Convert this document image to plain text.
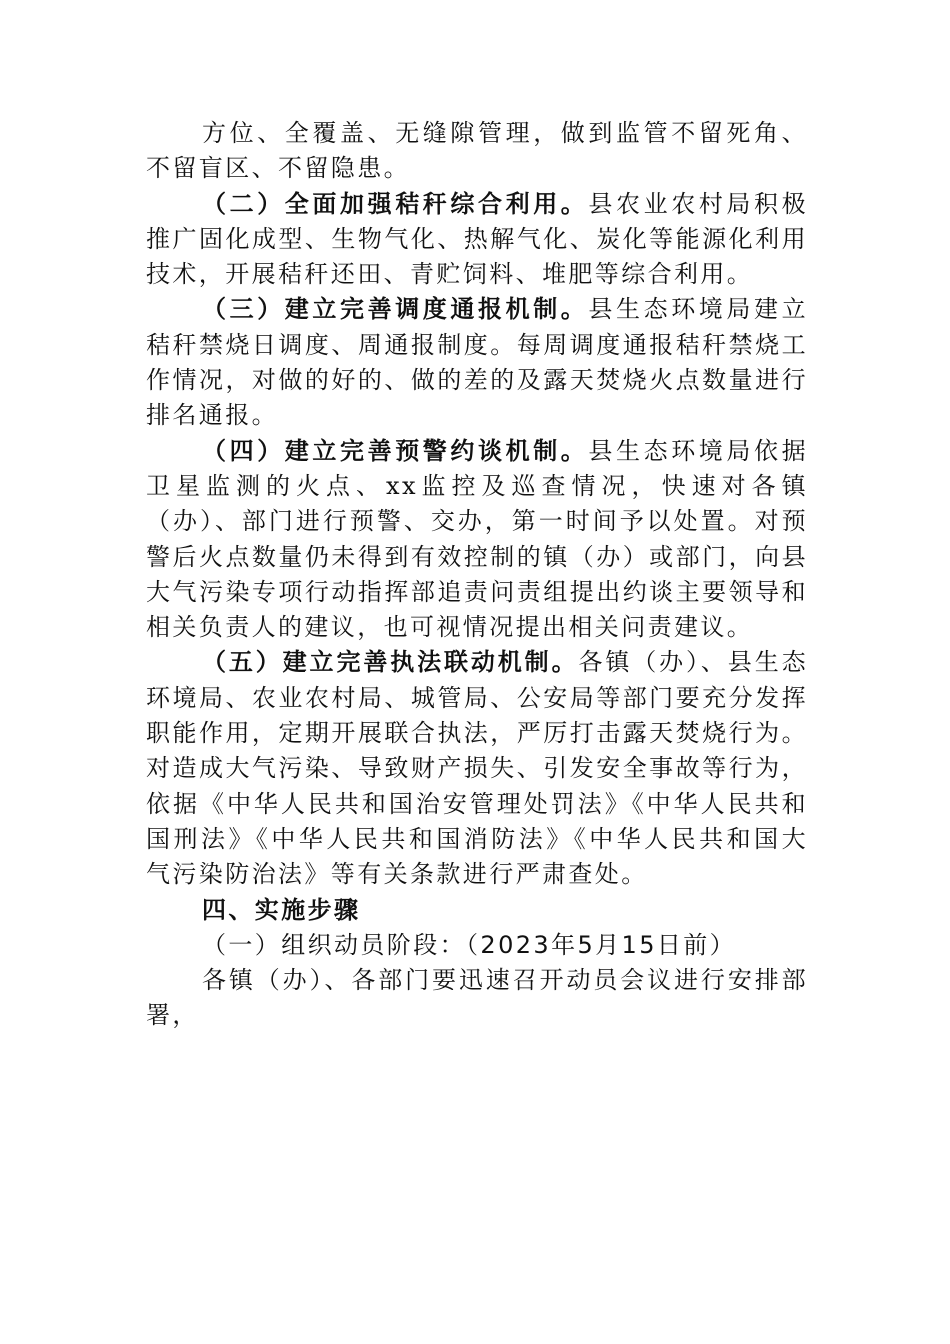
方位、全覆盖、无缝隙管理，做到监管不留死角、不留盲区、不留隐患。

（二）全面加强秸秆综合利用。县农业农村局积极推广固化成型、生物气化、热解气化、炭化等能源化利用技术，开展秸秆还田、青贮饲料、堆肥等综合利用。

（三）建立完善调度通报机制。县生态环境局建立秸秆禁烧日调度、周通报制度。每周调度通报秸秆禁烧工作情况，对做的好的、做的差的及露天焚烧火点数量进行排名通报。

（四）建立完善预警约谈机制。县生态环境局依据卫星监测的火点、xx监控及巡查情况，快速对各镇（办）、部门进行预警、交办，第一时间予以处置。对预警后火点数量仍未得到有效控制的镇（办）或部门，向县大气污染专项行动指挥部追责问责组提出约谈主要领导和相关负责人的建议，也可视情况提出相关问责建议。

（五）建立完善执法联动机制。各镇（办）、县生态环境局、农业农村局、城管局、公安局等部门要充分发挥职能作用，定期开展联合执法，严厉打击露天焚烧行为。对造成大气污染、导致财产损失、引发安全事故等行为，依据《中华人民共和国治安管理处罚法》《中华人民共和国刑法》《中华人民共和国消防法》《中华人民共和国大气污染防治法》等有关条款进行严肃查处。

四、实施步骤

（一）组织动员阶段：（2023年5月15日前）

各镇（办）、各部门要迅速召开动员会议进行安排部署，
